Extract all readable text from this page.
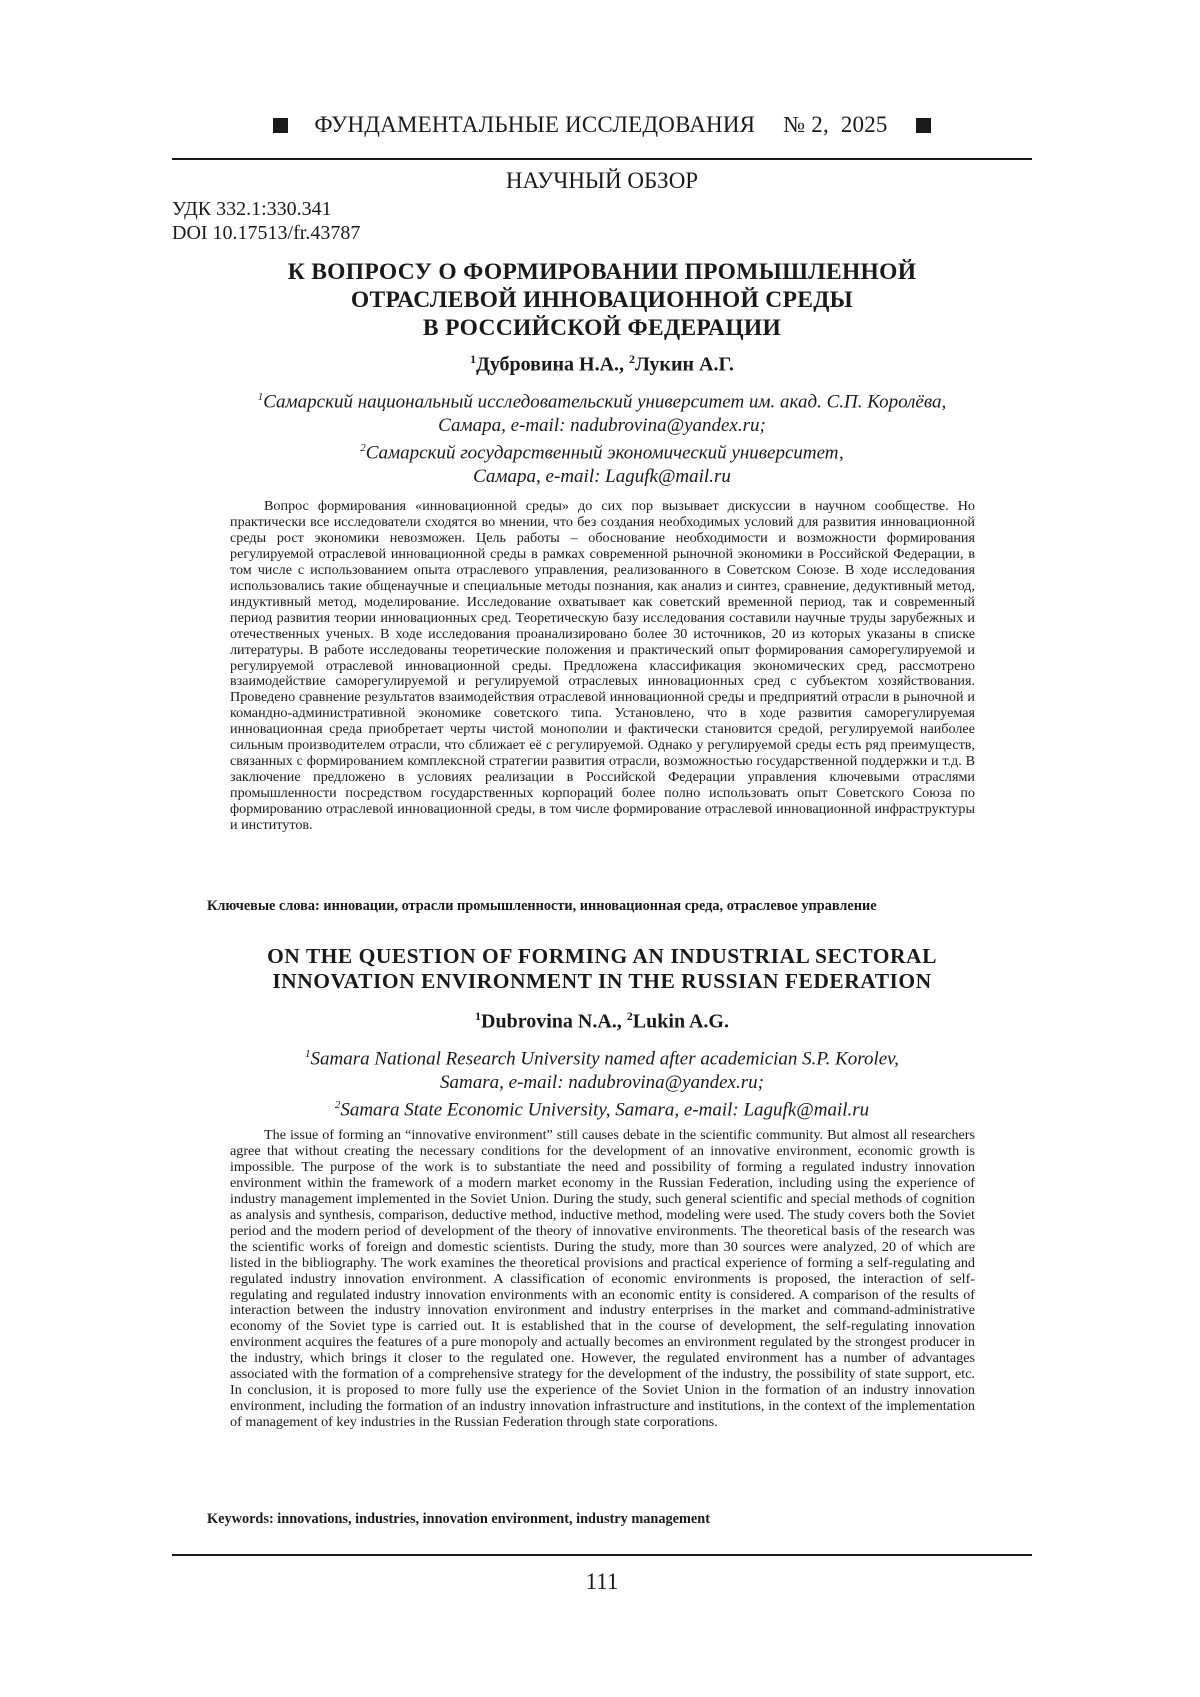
ФУНДАМЕНТАЛЬНЫЕ ИССЛЕДОВАНИЯ № 2,  2025
НАУЧНЫЙ ОБЗОР
УДК 332.1:330.341
DOI 10.17513/fr.43787
К ВОПРОСУ О ФОРМИРОВАНИИ ПРОМЫШЛЕННОЙ
ОТРАСЛЕВОЙ ИННОВАЦИОННОЙ СРЕДЫ
В РОССИЙСКОЙ ФЕДЕРАЦИИ
$^1$Дубровина Н.А., $^2$Лукин А.Г.
$^1$Самарский национальный исследовательский университет им. акад. С.П. Королёва,
Самара, e-mail: nadubrovina@yandex.ru;
$^2$Самарский государственный экономический университет,
Самара, e-mail: Lagufk@mail.ru

Вопрос формирования «инновационной среды» до сих пор вызывает дискуссии в научном сообществе. Но практически все исследователи сходятся во мнении, что без создания необходимых условий для развития инновационной среды рост экономики невозможен. Цель работы – обоснование необходимости и возможности формирования регулируемой отраслевой инновационной среды в рамках современной рыночной экономики в Российской Федерации, в том числе с использованием опыта отраслевого управления, реализованного в Советском Союзе. В ходе исследования использовались такие общенаучные и специальные методы познания, как анализ и синтез, сравнение, дедуктивный метод, индуктивный метод, моделирование. Исследование охватывает как советский временной период, так и современный период развития теории инновационных сред. Теоретическую базу исследования составили научные труды зарубежных и отечественных ученых. В ходе исследования проанализировано более 30 источников, 20 из которых указаны в списке литературы. В работе исследованы теоретические положения и практический опыт формирования саморегулируемой и регулируемой отраслевой инновационной среды. Предложена классификация экономических сред, рассмотрено взаимодействие саморегулируемой и регулируемой отраслевых инновационных сред с субъектом хозяйствования. Проведено сравнение результатов взаимодействия отраслевой инновационной среды и предприятий отрасли в рыночной и командно-административной экономике советского типа. Установлено, что в ходе развития саморегулируемая инновационная среда приобретает черты чистой монополии и фактически становится средой, регулируемой наиболее сильным производителем отрасли, что сближает её с регулируемой. Однако у регулируемой среды есть ряд преимуществ, связанных с формированием комплексной стратегии развития отрасли, возможностью государственной поддержки и т.д. В заключение предложено в условиях реализации в Российской Федерации управления ключевыми отраслями промышленности посредством государственных корпораций более полно использовать опыт Советского Союза по формированию отраслевой инновационной среды, в том числе формирование отраслевой инновационной инфраструктуры и институтов.

Ключевые слова: инновации, отрасли промышленности, инновационная среда, отраслевое управление
ON THE QUESTION OF FORMING AN INDUSTRIAL SECTORAL
INNOVATION ENVIRONMENT IN THE RUSSIAN FEDERATION
$^1$Dubrovina N.A., $^2$Lukin A.G.
$^1$Samara National Research University named after academician S.P. Korolev,
Samara, e-mail: nadubrovina@yandex.ru;
$^2$Samara State Economic University, Samara, e-mail: Lagufk@mail.ru

The issue of forming an “innovative environment” still causes debate in the scientific community. But almost all researchers agree that without creating the necessary conditions for the development of an innovative environment, economic growth is impossible. The purpose of the work is to substantiate the need and possibility of forming a regulated industry innovation environment within the framework of a modern market economy in the Russian Federation, including using the experience of industry management implemented in the Soviet Union. During the study, such general scientific and special methods of cognition as analysis and synthesis, comparison, deductive method, inductive method, modeling were used. The study covers both the Soviet period and the modern period of development of the theory of innovative environments. The theoretical basis of the research was the scientific works of foreign and domestic scientists. During the study, more than 30 sources were analyzed, 20 of which are listed in the bibliography. The work examines the theoretical provisions and practical experience of forming a self-regulating and regulated industry innovation environment. A classification of economic environments is proposed, the interaction of self-regulating and regulated industry innovation environments with an economic entity is considered. A comparison of the results of interaction between the industry innovation environment and industry enterprises in the market and command-administrative economy of the Soviet type is carried out. It is established that in the course of development, the self-regulating innovation environment acquires the features of a pure monopoly and actually becomes an environment regulated by the strongest producer in the industry, which brings it closer to the regulated one. However, the regulated environment has a number of advantages associated with the formation of a comprehensive strategy for the development of the industry, the possibility of state support, etc. In conclusion, it is proposed to more fully use the experience of the Soviet Union in the formation of an industry innovation environment, including the formation of an industry innovation infrastructure and institutions, in the context of the implementation of management of key industries in the Russian Federation through state corporations.

Keywords: innovations, industries, innovation environment, industry management
111
